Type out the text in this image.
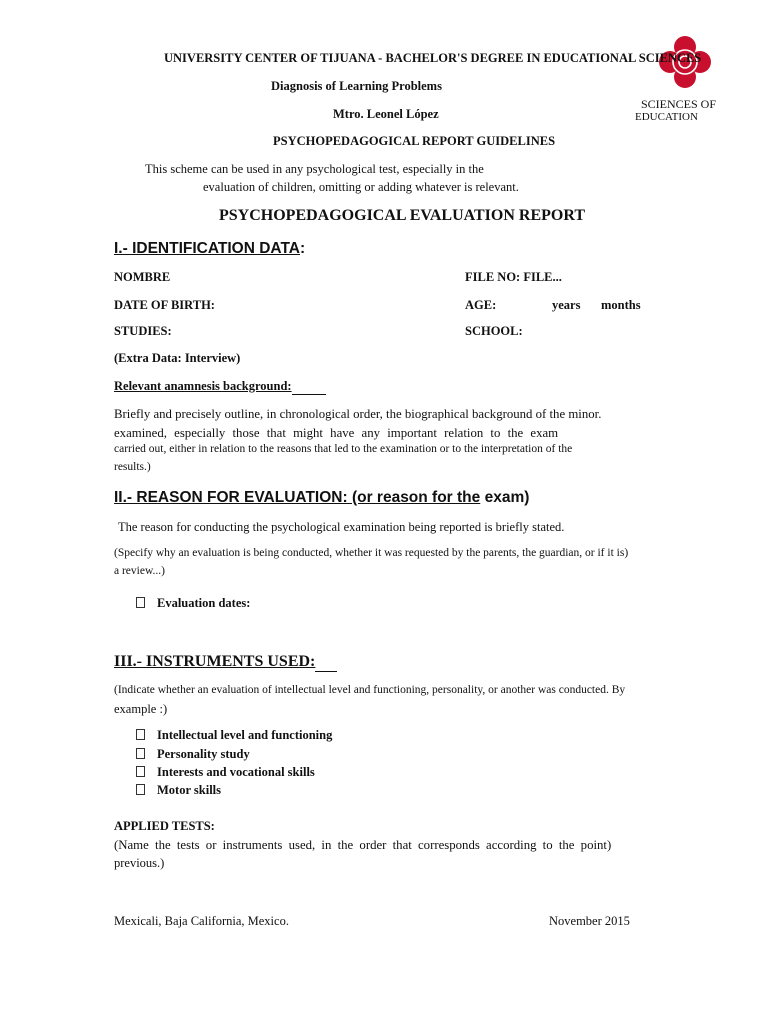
SCIENCES OF
EDUCATION
UNIVERSITY CENTER OF TIJUANA - BACHELOR'S DEGREE IN EDUCATIONAL SCIENCES
Diagnosis of Learning Problems
Mtro. Leonel López
PSYCHOPEDAGOGICAL REPORT GUIDELINES
This scheme can be used in any psychological test, especially in the
evaluation of children, omitting or adding whatever is relevant.
PSYCHOPEDAGOGICAL EVALUATION REPORT
I.- IDENTIFICATION DATA:
NOMBRE	FILE NO: FILE...
DATE OF BIRTH:	AGE:	years months
STUDIES:	SCHOOL:
(Extra Data: Interview)
Relevant anamnesis background:
Briefly and precisely outline, in chronological order, the biographical background of the minor.
examined, especially those that might have any important relation to the exam
carried out, either in relation to the reasons that led to the examination or to the interpretation of the
results.)
II.- REASON FOR EVALUATION: (or reason for the exam)
The reason for conducting the psychological examination being reported is briefly stated.
(Specify why an evaluation is being conducted, whether it was requested by the parents, the guardian, or if it is)
a review...)
Evaluation dates:
III.- INSTRUMENTS USED:
(Indicate whether an evaluation of intellectual level and functioning, personality, or another was conducted. By
example :)
Intellectual level and functioning
Personality study
Interests and vocational skills
Motor skills
APPLIED TESTS:
(Name the tests or instruments used, in the order that corresponds according to the point)
previous.)
Mexicali, Baja California, Mexico.	November 2015
